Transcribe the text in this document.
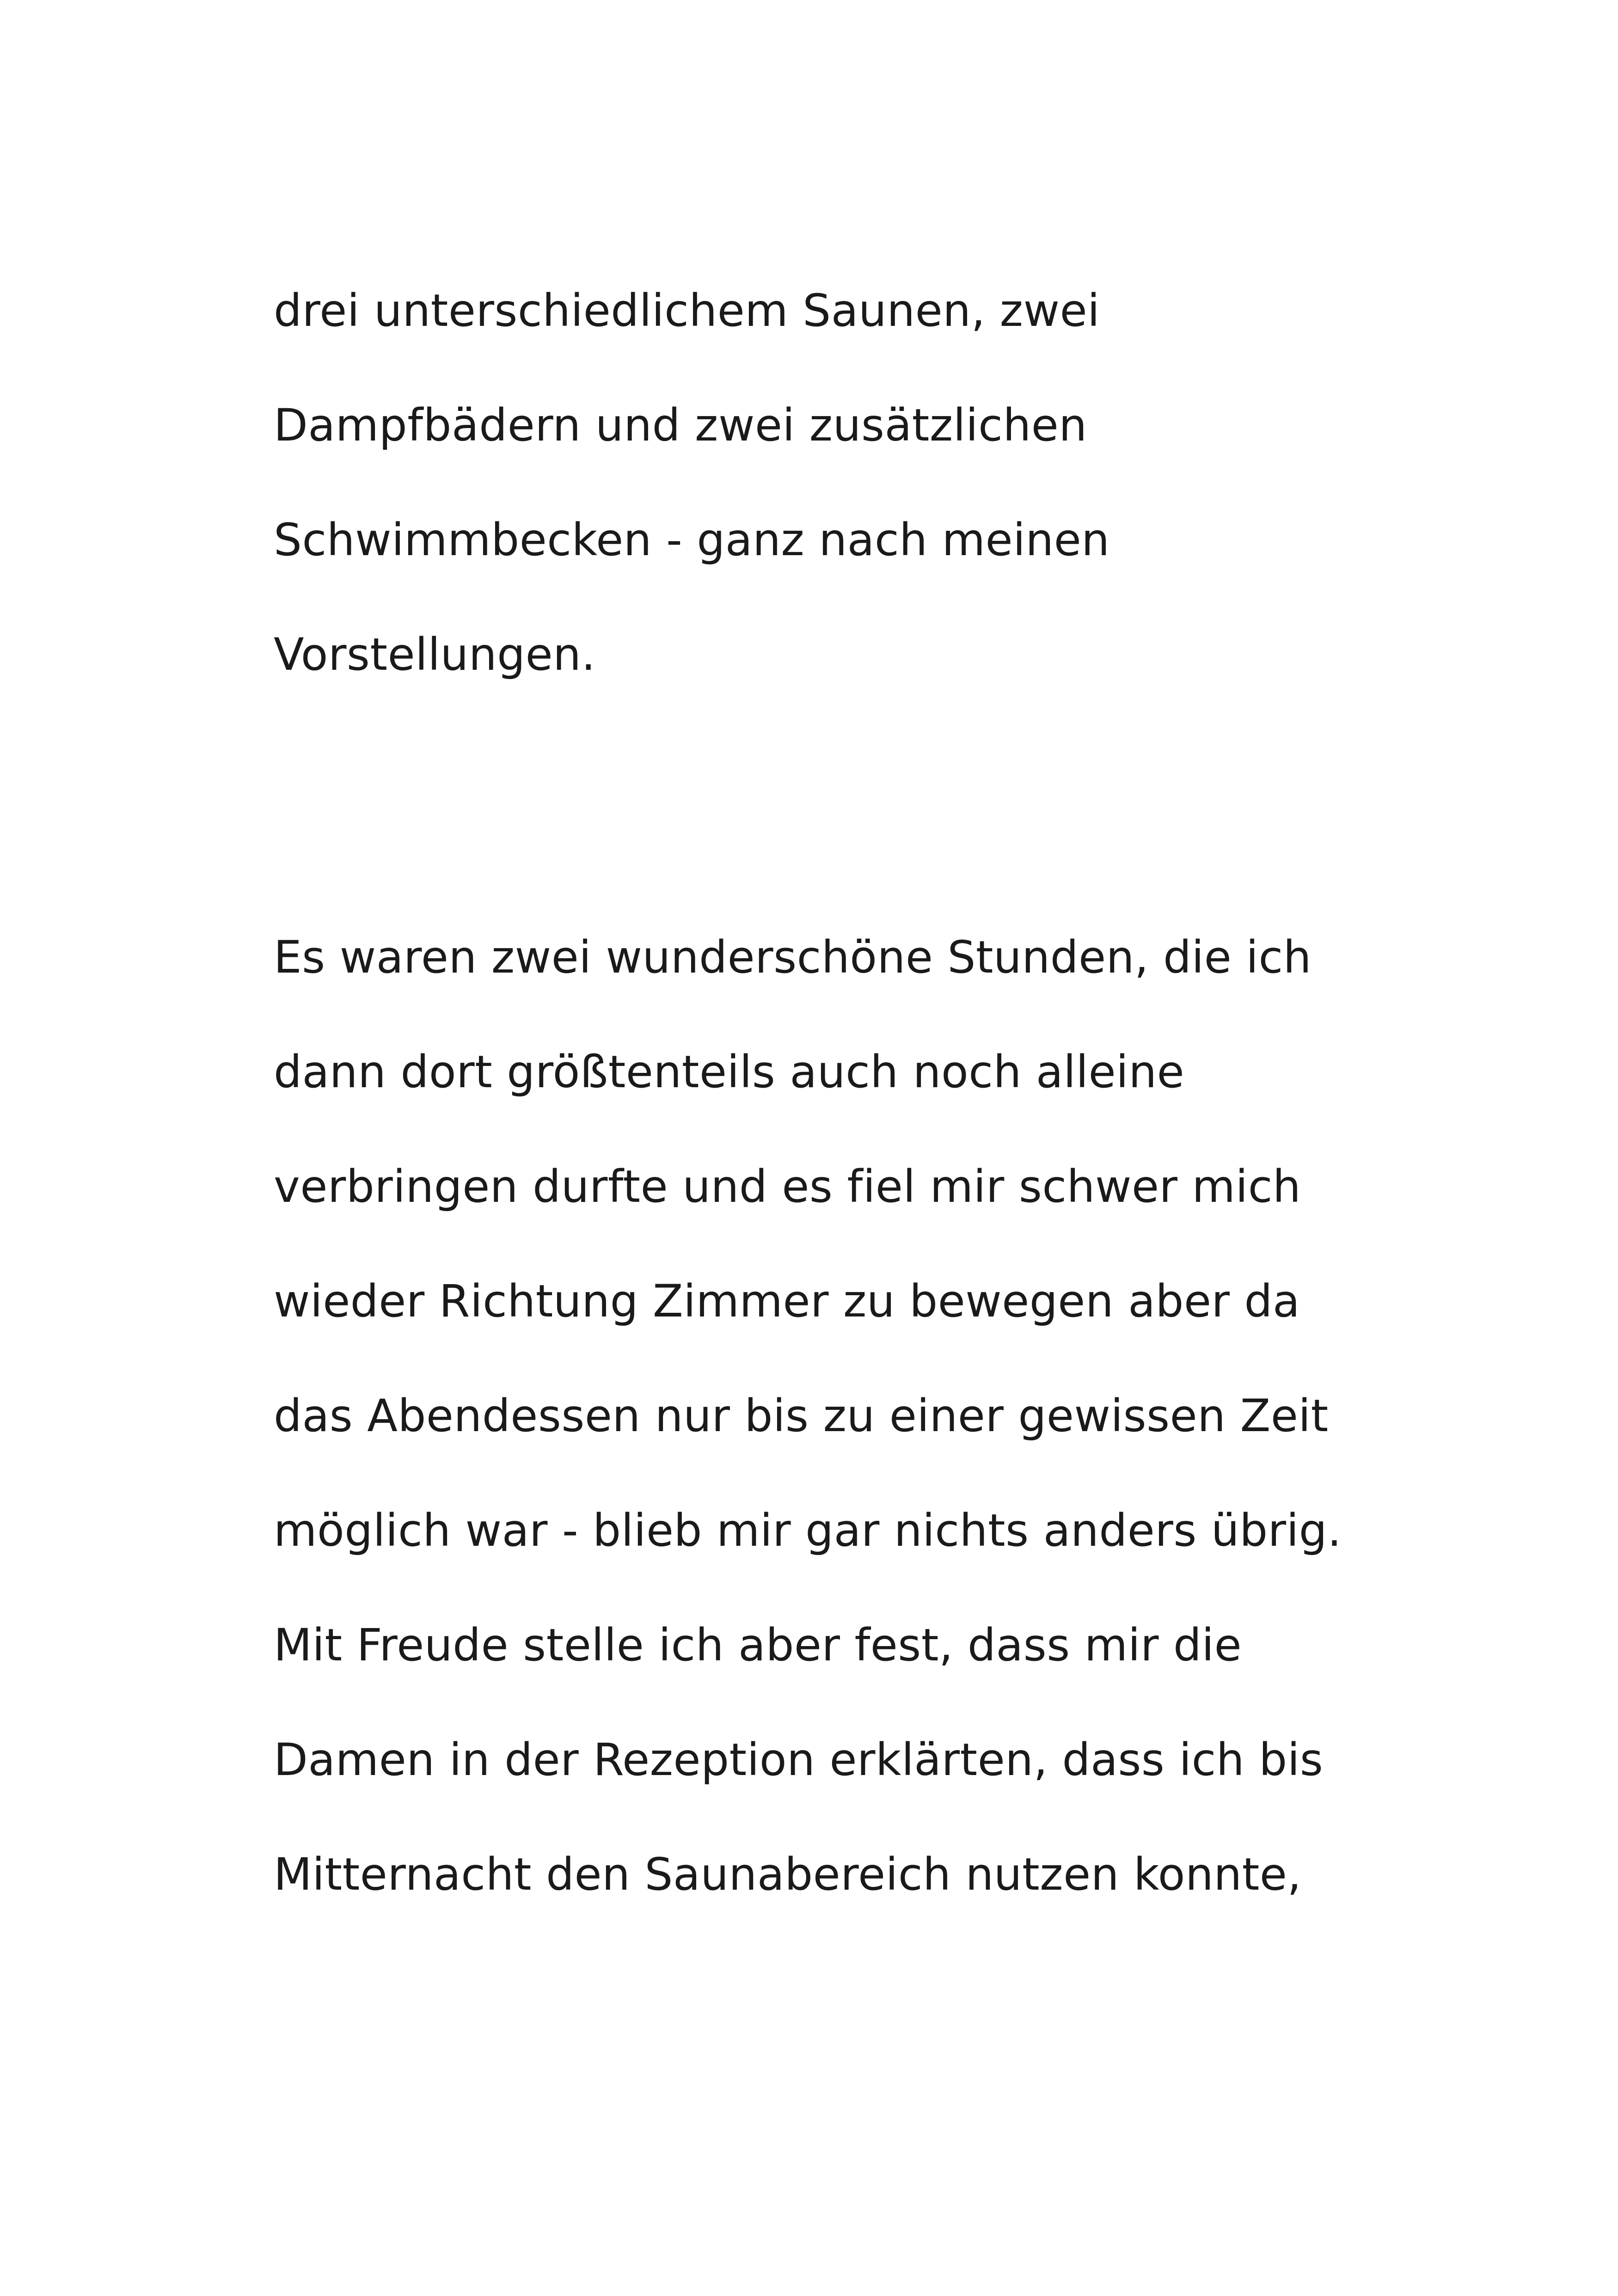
drei unterschiedlichem Saunen, zwei
Dampfbädern und zwei zusätzlichen
Schwimmbecken - ganz nach meinen
Vorstellungen.

Es waren zwei wunderschöne Stunden, die ich
dann dort größtenteils auch noch alleine
verbringen durfte und es fiel mir schwer mich
wieder Richtung Zimmer zu bewegen aber da
das Abendessen nur bis zu einer gewissen Zeit
möglich war - blieb mir gar nichts anders übrig.
Mit Freude stelle ich aber fest, dass mir die
Damen in der Rezeption erklärten, dass ich bis
Mitternacht den Saunabereich nutzen konnte,
